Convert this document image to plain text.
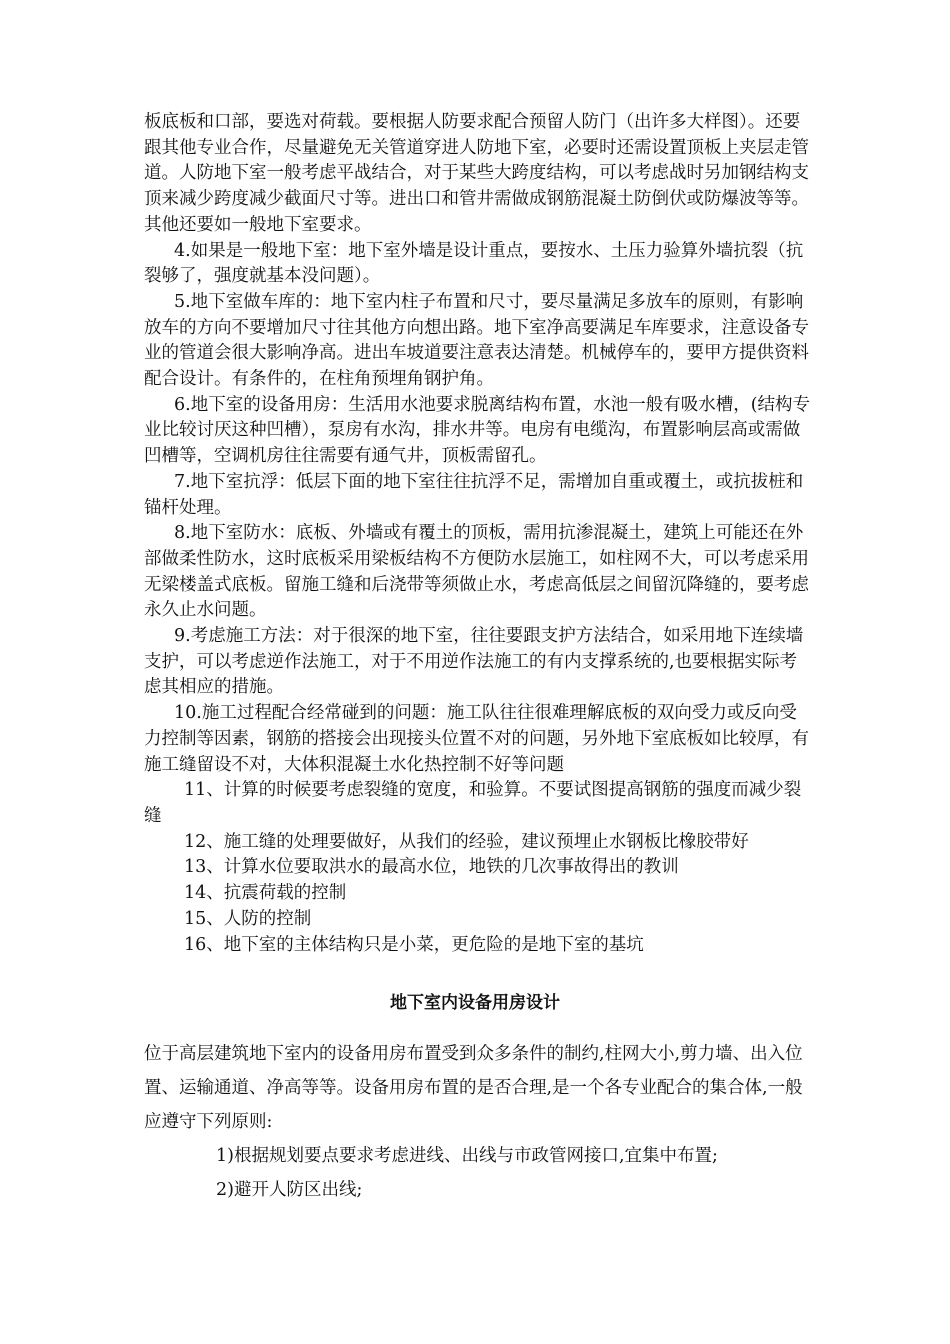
板底板和口部，要选对荷载。要根据人防要求配合预留人防门（出许多大样图）。还要跟其他专业合作，尽量避免无关管道穿进人防地下室，必要时还需设置顶板上夹层走管道。人防地下室一般考虑平战结合，对于某些大跨度结构，可以考虑战时另加钢结构支顶来减少跨度减少截面尺寸等。进出口和管井需做成钢筋混凝土防倒伏或防爆波等等。其他还要如一般地下室要求。

4.如果是一般地下室：地下室外墙是设计重点，要按水、土压力验算外墙抗裂（抗裂够了，强度就基本没问题）。

5.地下室做车库的：地下室内柱子布置和尺寸，要尽量满足多放车的原则，有影响放车的方向不要增加尺寸往其他方向想出路。地下室净高要满足车库要求，注意设备专业的管道会很大影响净高。进出车坡道要注意表达清楚。机械停车的，要甲方提供资料配合设计。有条件的，在柱角预埋角钢护角。

6.地下室的设备用房：生活用水池要求脱离结构布置，水池一般有吸水槽，(结构专业比较讨厌这种凹槽），泵房有水沟，排水井等。电房有电缆沟，布置影响层高或需做凹槽等，空调机房往往需要有通气井，顶板需留孔。

7.地下室抗浮：低层下面的地下室往往抗浮不足，需增加自重或覆土，或抗拔桩和锚杆处理。

8.地下室防水：底板、外墙或有覆土的顶板，需用抗渗混凝土，建筑上可能还在外部做柔性防水，这时底板采用梁板结构不方便防水层施工，如柱网不大，可以考虑采用无梁楼盖式底板。留施工缝和后浇带等须做止水，考虑高低层之间留沉降缝的，要考虑永久止水问题。

9.考虑施工方法：对于很深的地下室，往往要跟支护方法结合，如采用地下连续墙支护，可以考虑逆作法施工，对于不用逆作法施工的有内支撑系统的,也要根据实际考虑其相应的措施。

10.施工过程配合经常碰到的问题：施工队往往很难理解底板的双向受力或反向受力控制等因素，钢筋的搭接会出现接头位置不对的问题，另外地下室底板如比较厚，有施工缝留设不对，大体积混凝土水化热控制不好等问题

11、计算的时候要考虑裂缝的宽度，和验算。不要试图提高钢筋的强度而减少裂缝

12、施工缝的处理要做好，从我们的经验，建议预埋止水钢板比橡胶带好

13、计算水位要取洪水的最高水位，地铁的几次事故得出的教训

14、抗震荷载的控制

15、人防的控制

16、地下室的主体结构只是小菜，更危险的是地下室的基坑

地下室内设备用房设计

位于高层建筑地下室内的设备用房布置受到众多条件的制约,柱网大小,剪力墙、出入位置、运输通道、净高等等。设备用房布置的是否合理,是一个各专业配合的集合体,一般应遵守下列原则:

1)根据规划要点要求考虑进线、出线与市政管网接口,宜集中布置;

2)避开人防区出线;
